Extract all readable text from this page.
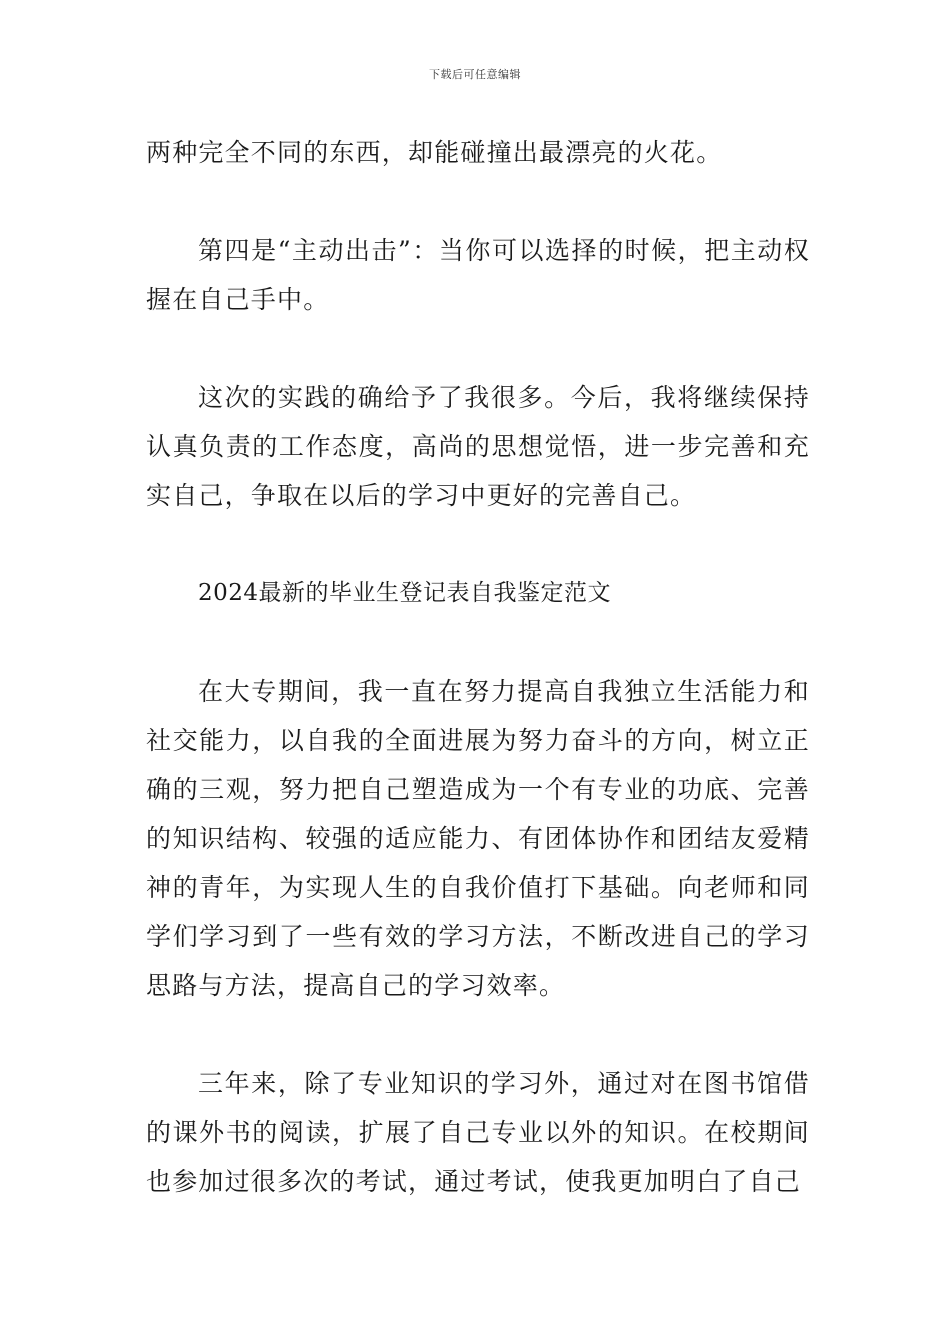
下载后可任意编辑

两种完全不同的东西，却能碰撞出最漂亮的火花。

第四是“主动出击”：当你可以选择的时候，把主动权握在自己手中。

这次的实践的确给予了我很多。今后，我将继续保持认真负责的工作态度，高尚的思想觉悟，进一步完善和充实自己，争取在以后的学习中更好的完善自己。

2024最新的毕业生登记表自我鉴定范文

在大专期间，我一直在努力提高自我独立生活能力和社交能力，以自我的全面进展为努力奋斗的方向，树立正确的三观，努力把自己塑造成为一个有专业的功底、完善的知识结构、较强的适应能力、有团体协作和团结友爱精神的青年，为实现人生的自我价值打下基础。向老师和同学们学习到了一些有效的学习方法，不断改进自己的学习思路与方法，提高自己的学习效率。

三年来，除了专业知识的学习外，通过对在图书馆借的课外书的阅读，扩展了自己专业以外的知识。在校期间也参加过很多次的考试，通过考试，使我更加明白了自己
